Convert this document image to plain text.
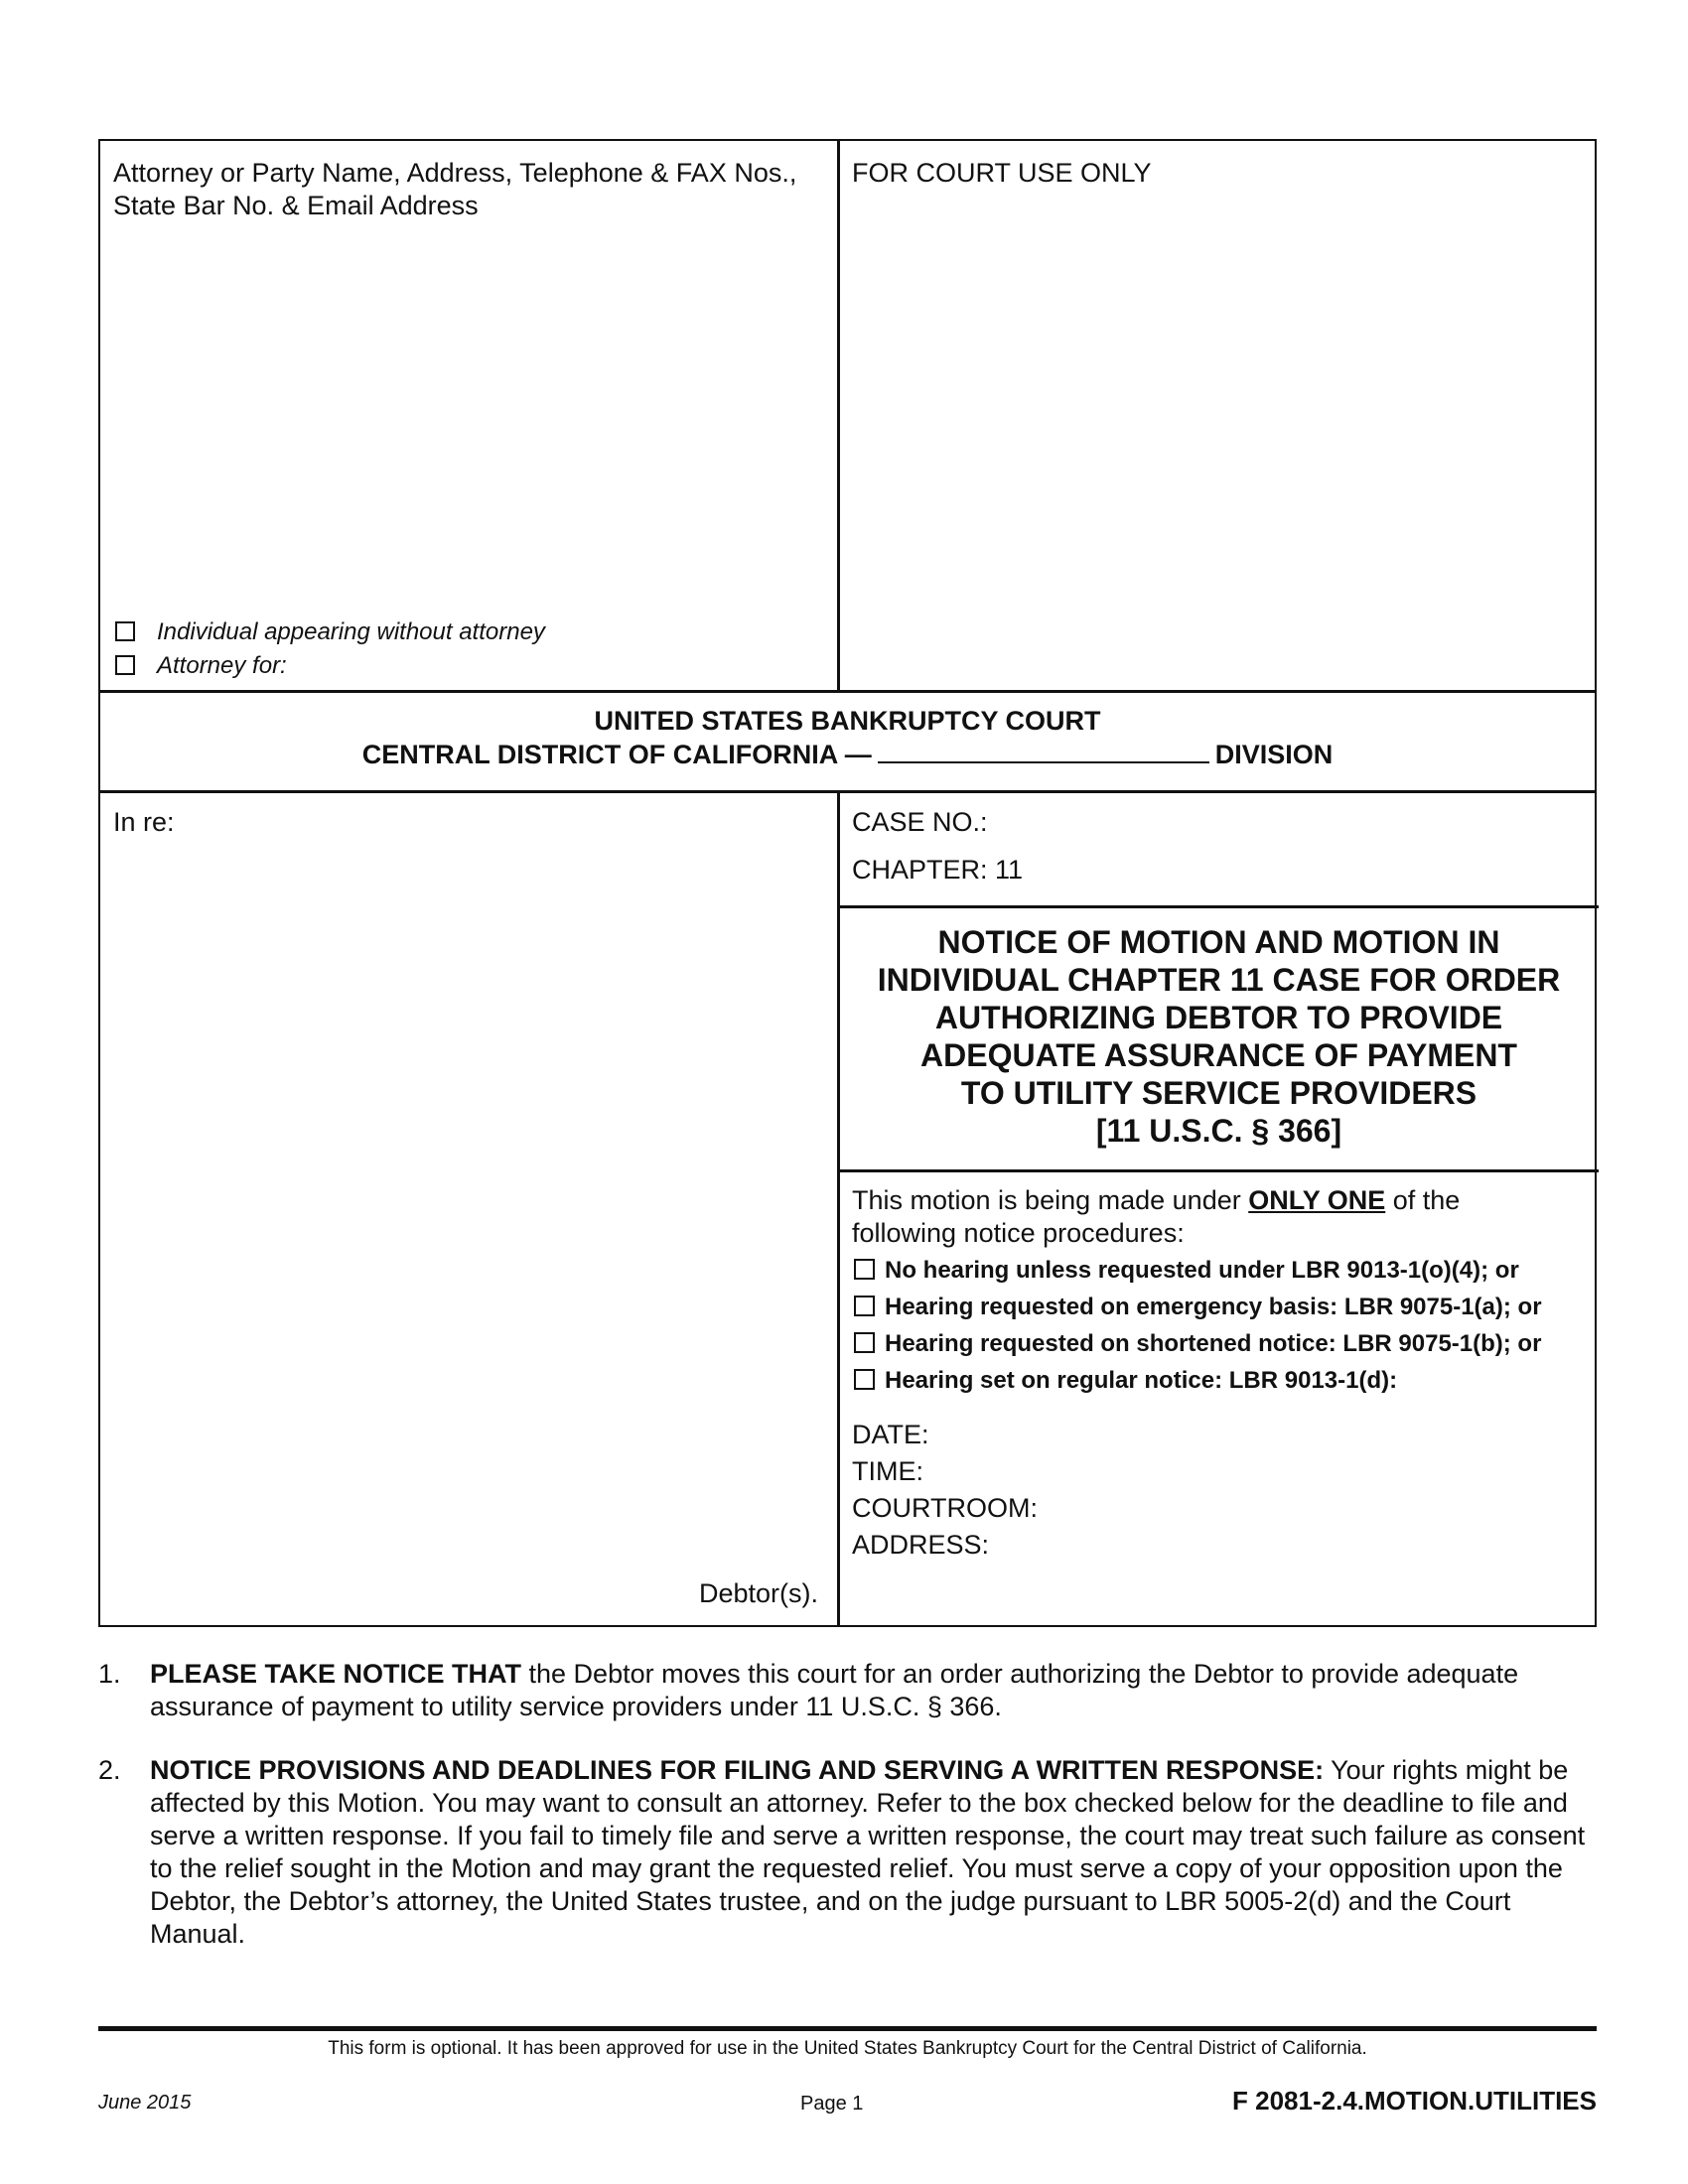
Attorney or Party Name, Address, Telephone & FAX Nos., State Bar No. & Email Address
Individual appearing without attorney
Attorney for:
FOR COURT USE ONLY
UNITED STATES BANKRUPTCY COURT
CENTRAL DISTRICT OF CALIFORNIA —	DIVISION
In re:
Debtor(s).
CASE NO.:
CHAPTER: 11
NOTICE OF MOTION AND MOTION IN
INDIVIDUAL CHAPTER 11 CASE FOR ORDER
AUTHORIZING DEBTOR TO PROVIDE
ADEQUATE ASSURANCE OF PAYMENT
TO UTILITY SERVICE PROVIDERS
[11 U.S.C. § 366]
This motion is being made under ONLY ONE of the
following notice procedures:
No hearing unless requested under LBR 9013-1(o)(4); or
Hearing requested on emergency basis: LBR 9075-1(a); or
Hearing requested on shortened notice: LBR 9075-1(b); or
Hearing set on regular notice: LBR 9013-1(d):
DATE:
TIME:
COURTROOM:
ADDRESS:
1. PLEASE TAKE NOTICE THAT the Debtor moves this court for an order authorizing the Debtor to provide adequate assurance of payment to utility service providers under 11 U.S.C. § 366.
2. NOTICE PROVISIONS AND DEADLINES FOR FILING AND SERVING A WRITTEN RESPONSE: Your rights might be affected by this Motion. You may want to consult an attorney. Refer to the box checked below for the deadline to file and serve a written response. If you fail to timely file and serve a written response, the court may treat such failure as consent to the relief sought in the Motion and may grant the requested relief. You must serve a copy of your opposition upon the Debtor, the Debtor’s attorney, the United States trustee, and on the judge pursuant to LBR 5005-2(d) and the Court Manual.
This form is optional. It has been approved for use in the United States Bankruptcy Court for the Central District of California.
June 2015	Page 1	F 2081-2.4.MOTION.UTILITIES
